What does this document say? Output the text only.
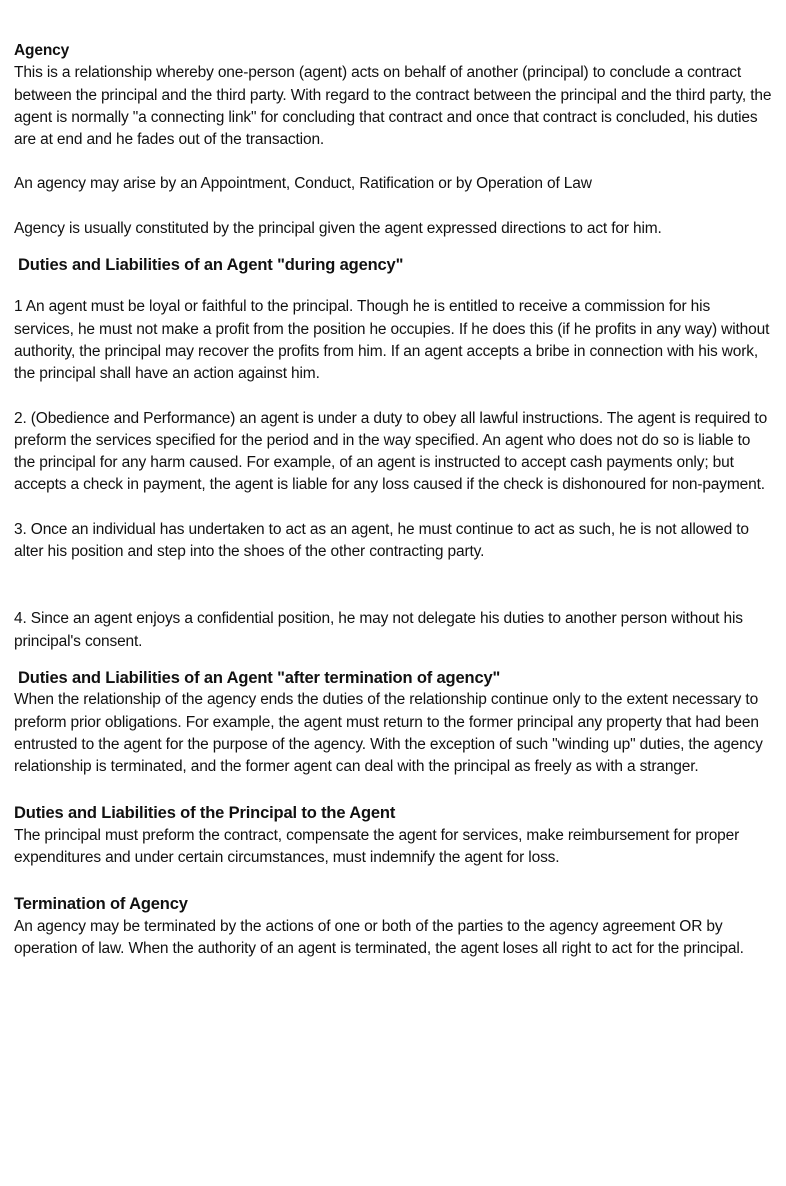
Agency

This is a relationship whereby one-person (agent) acts on behalf of another (principal) to conclude a contract between the principal and the third party. With regard to the contract between the principal and the third party, the agent is normally "a connecting link" for concluding that contract and once that contract is concluded, his duties are at end and he fades out of the transaction.

An agency may arise by an Appointment, Conduct, Ratification or by Operation of Law

Agency is usually constituted by the principal given the agent expressed directions to act for him.

Duties and Liabilities of an Agent "during agency"

1 An agent must be loyal or faithful to the principal. Though he is entitled to receive a commission for his services, he must not make a profit from the position he occupies. If he does this (if he profits in any way) without authority, the principal may recover the profits from him. If an agent accepts a bribe in connection with his work, the principal shall have an action against him.

2. (Obedience and Performance) an agent is under a duty to obey all lawful instructions. The agent is required to preform the services specified for the period and in the way specified. An agent who does not do so is liable to the principal for any harm caused. For example, of an agent is instructed to accept cash payments only; but accepts a check in payment, the agent is liable for any loss caused if the check is dishonoured for non-payment.

3. Once an individual has undertaken to act as an agent, he must continue to act as such, he is not allowed to alter his position and step into the shoes of the other contracting party.

4. Since an agent enjoys a confidential position, he may not delegate his duties to another person without his principal's consent.

Duties and Liabilities of an Agent "after termination of agency"

When the relationship of the agency ends the duties of the relationship continue only to the extent necessary to preform prior obligations. For example, the agent must return to the former principal any property that had been entrusted to the agent for the purpose of the agency. With the exception of such "winding up" duties, the agency relationship is terminated, and the former agent can deal with the principal as freely as with a stranger.

Duties and Liabilities of the Principal to the Agent

The principal must preform the contract, compensate the agent for services, make reimbursement for proper expenditures and under certain circumstances, must indemnify the agent for loss.

Termination of Agency

An agency may be terminated by the actions of one or both of the parties to the agency agreement OR by operation of law. When the authority of an agent is terminated, the agent loses all right to act for the principal.
